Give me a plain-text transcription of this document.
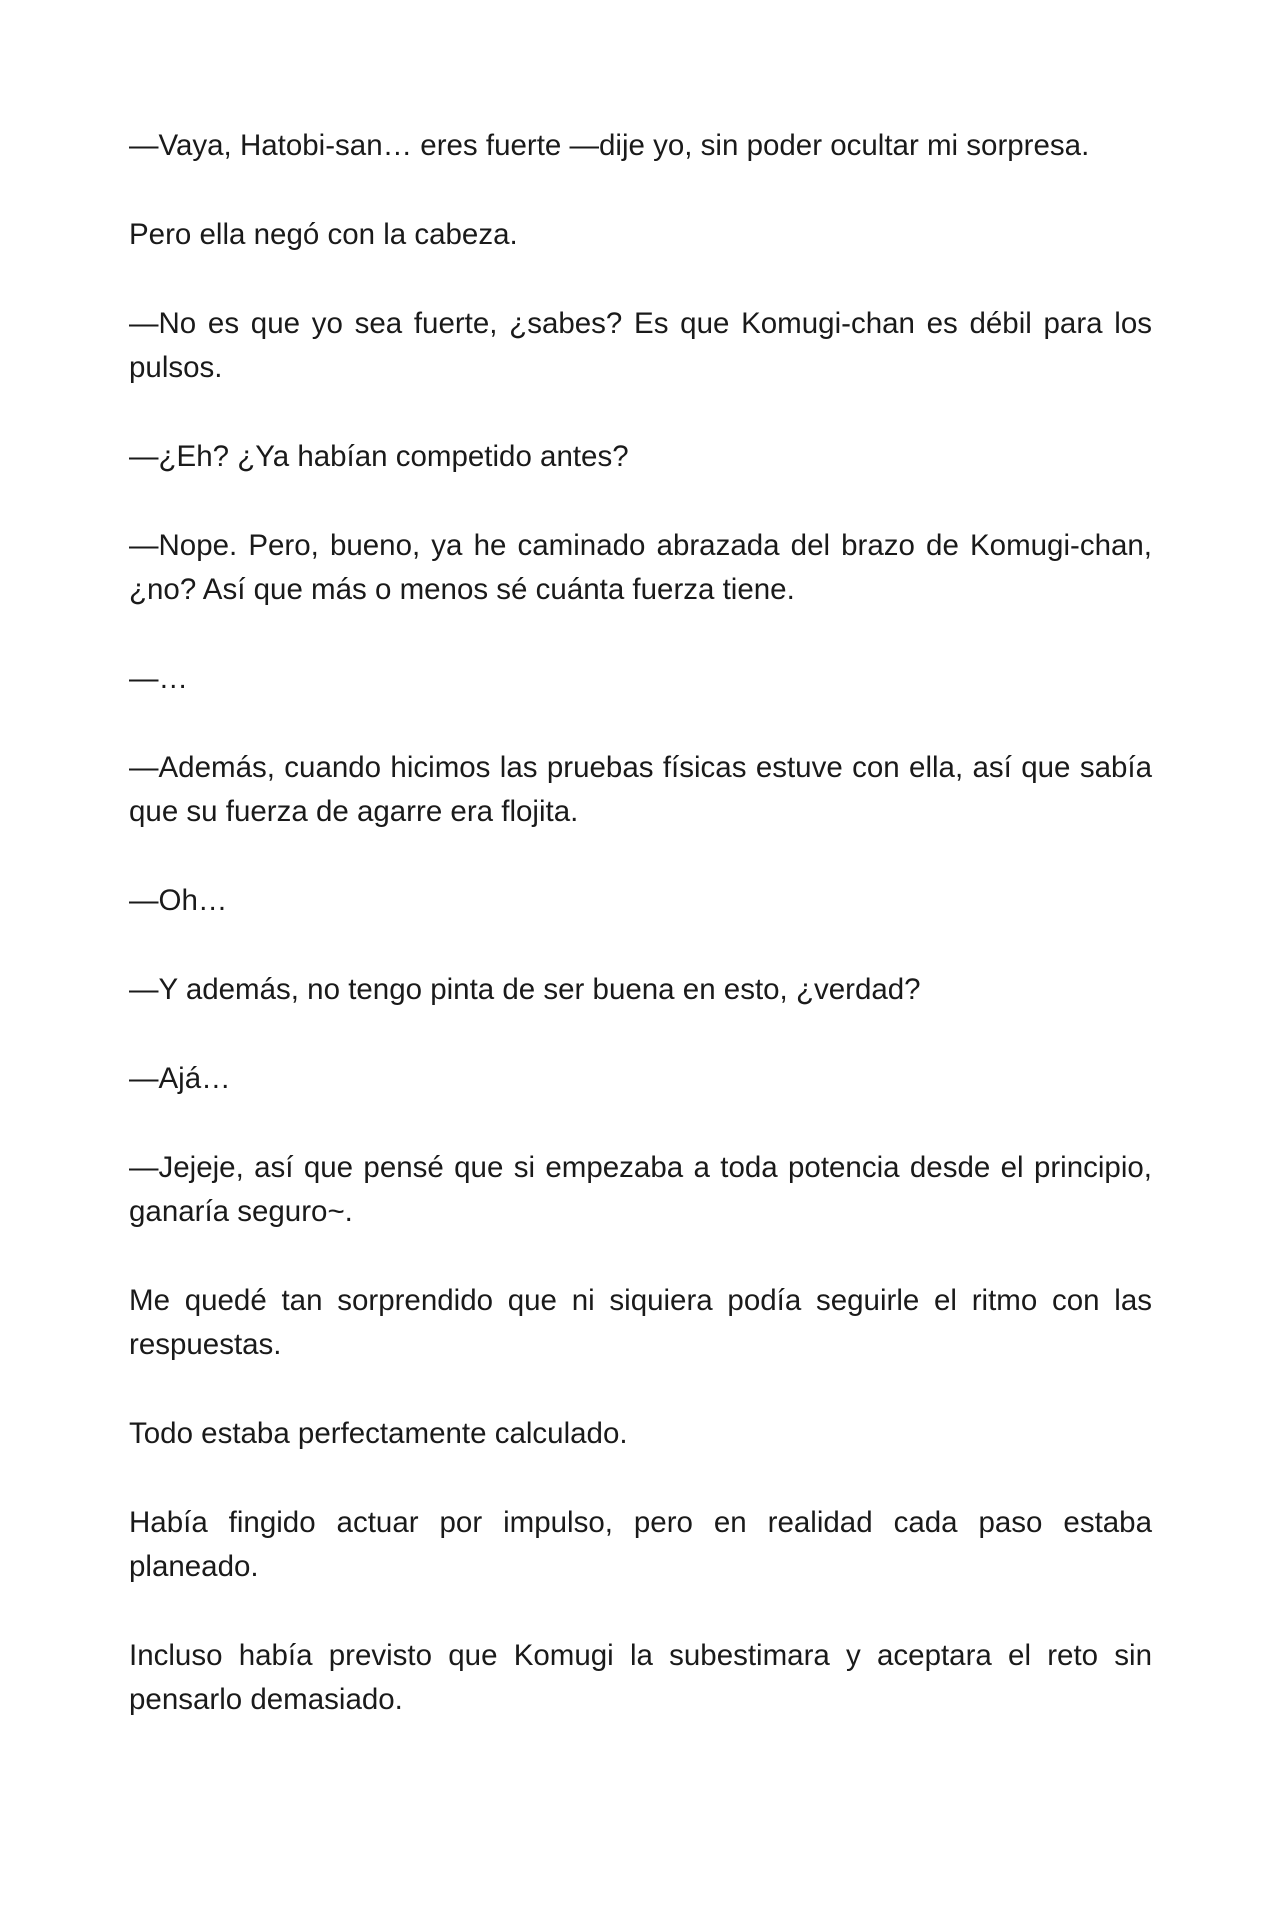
—Vaya, Hatobi-san… eres fuerte —dije yo, sin poder ocultar mi sorpresa.

Pero ella negó con la cabeza.

—No es que yo sea fuerte, ¿sabes? Es que Komugi-chan es débil para los pulsos.

—¿Eh? ¿Ya habían competido antes?

—Nope. Pero, bueno, ya he caminado abrazada del brazo de Komugi-chan, ¿no? Así que más o menos sé cuánta fuerza tiene.

—…

—Además, cuando hicimos las pruebas físicas estuve con ella, así que sabía que su fuerza de agarre era flojita.

—Oh…

—Y además, no tengo pinta de ser buena en esto, ¿verdad?

—Ajá…

—Jejeje, así que pensé que si empezaba a toda potencia desde el principio, ganaría seguro~.

Me quedé tan sorprendido que ni siquiera podía seguirle el ritmo con las respuestas.

Todo estaba perfectamente calculado.

Había fingido actuar por impulso, pero en realidad cada paso estaba planeado.

Incluso había previsto que Komugi la subestimara y aceptara el reto sin pensarlo demasiado.
